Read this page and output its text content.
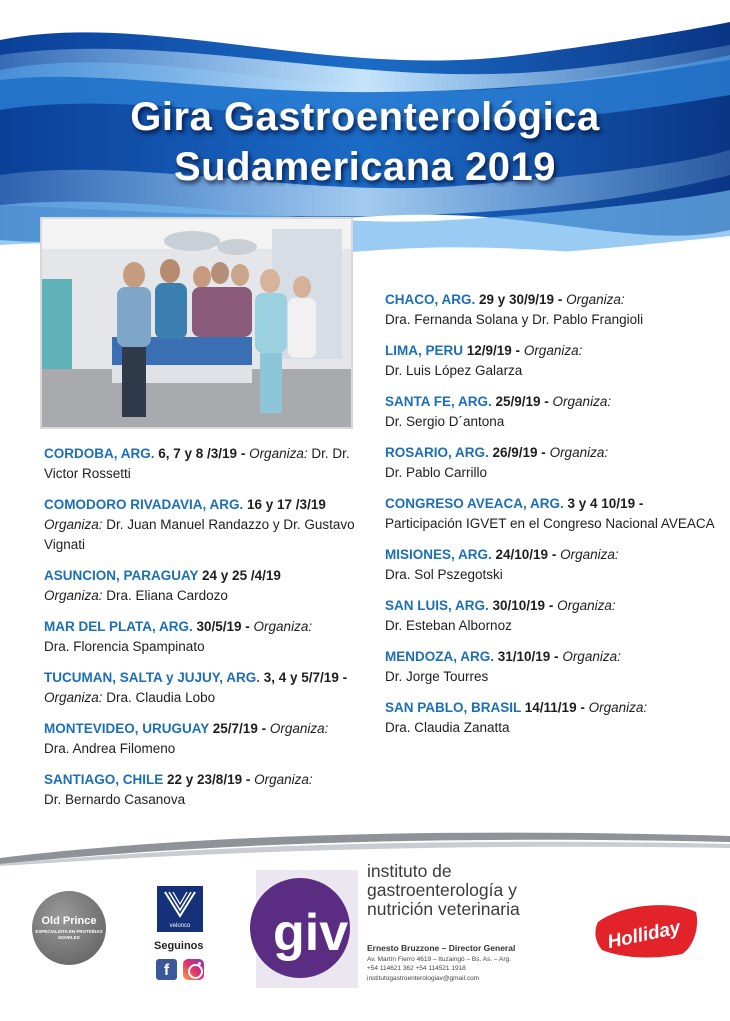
Gira Gastroenterológica
Sudamericana 2019
CORDOBA, ARG. 6, 7 y 8 /3/19 - Organiza: Dr. Dr. Victor Rossetti
COMODORO RIVADAVIA, ARG. 16 y 17 /3/19
Organiza: Dr. Juan Manuel Randazzo y Dr. Gustavo Vignati
ASUNCION, PARAGUAY 24 y 25 /4/19
Organiza: Dra. Eliana Cardozo
MAR DEL PLATA, ARG. 30/5/19 - Organiza:
Dra. Florencia Spampinato
TUCUMAN, SALTA y JUJUY, ARG. 3, 4 y 5/7/19 - Organiza: Dra. Claudia Lobo
MONTEVIDEO, URUGUAY 25/7/19 - Organiza:
Dra. Andrea Filomeno
SANTIAGO, CHILE 22 y 23/8/19 - Organiza:
Dr. Bernardo Casanova
CHACO, ARG. 29 y 30/9/19 - Organiza:
Dra. Fernanda Solana y Dr. Pablo Frangioli
LIMA, PERU 12/9/19 - Organiza:
Dr. Luis López Galarza
SANTA FE, ARG. 25/9/19 - Organiza:
Dr. Sergio D´antona
ROSARIO, ARG. 26/9/19 - Organiza:
Dr. Pablo Carrillo
CONGRESO AVEACA, ARG. 3 y 4 10/19 -
Participación IGVET en el Congreso Nacional AVEACA
MISIONES, ARG. 24/10/19 - Organiza:
Dra. Sol Pszegotski
SAN LUIS, ARG. 30/10/19 - Organiza:
Dr. Esteban Albornoz
MENDOZA, ARG. 31/10/19 - Organiza:
Dr. Jorge Tourres
SAN PABLO, BRASIL 14/11/19 - Organiza:
Dra. Claudia Zanatta
Old Prince
ESPECIALISTA EN PROTEÍNAS NOVELES
velonco
Seguinos
f
giv
instituto de
gastroenterología y
nutrición veterinaria
Ernesto Bruzzone – Director General
Av. Martín Fierro 4619 – Ituzaingó – Bs. As. – Arg.
+54 114621 362 +54 114521 1918
institutogastroenterologiav@gmail.com
Holliday
